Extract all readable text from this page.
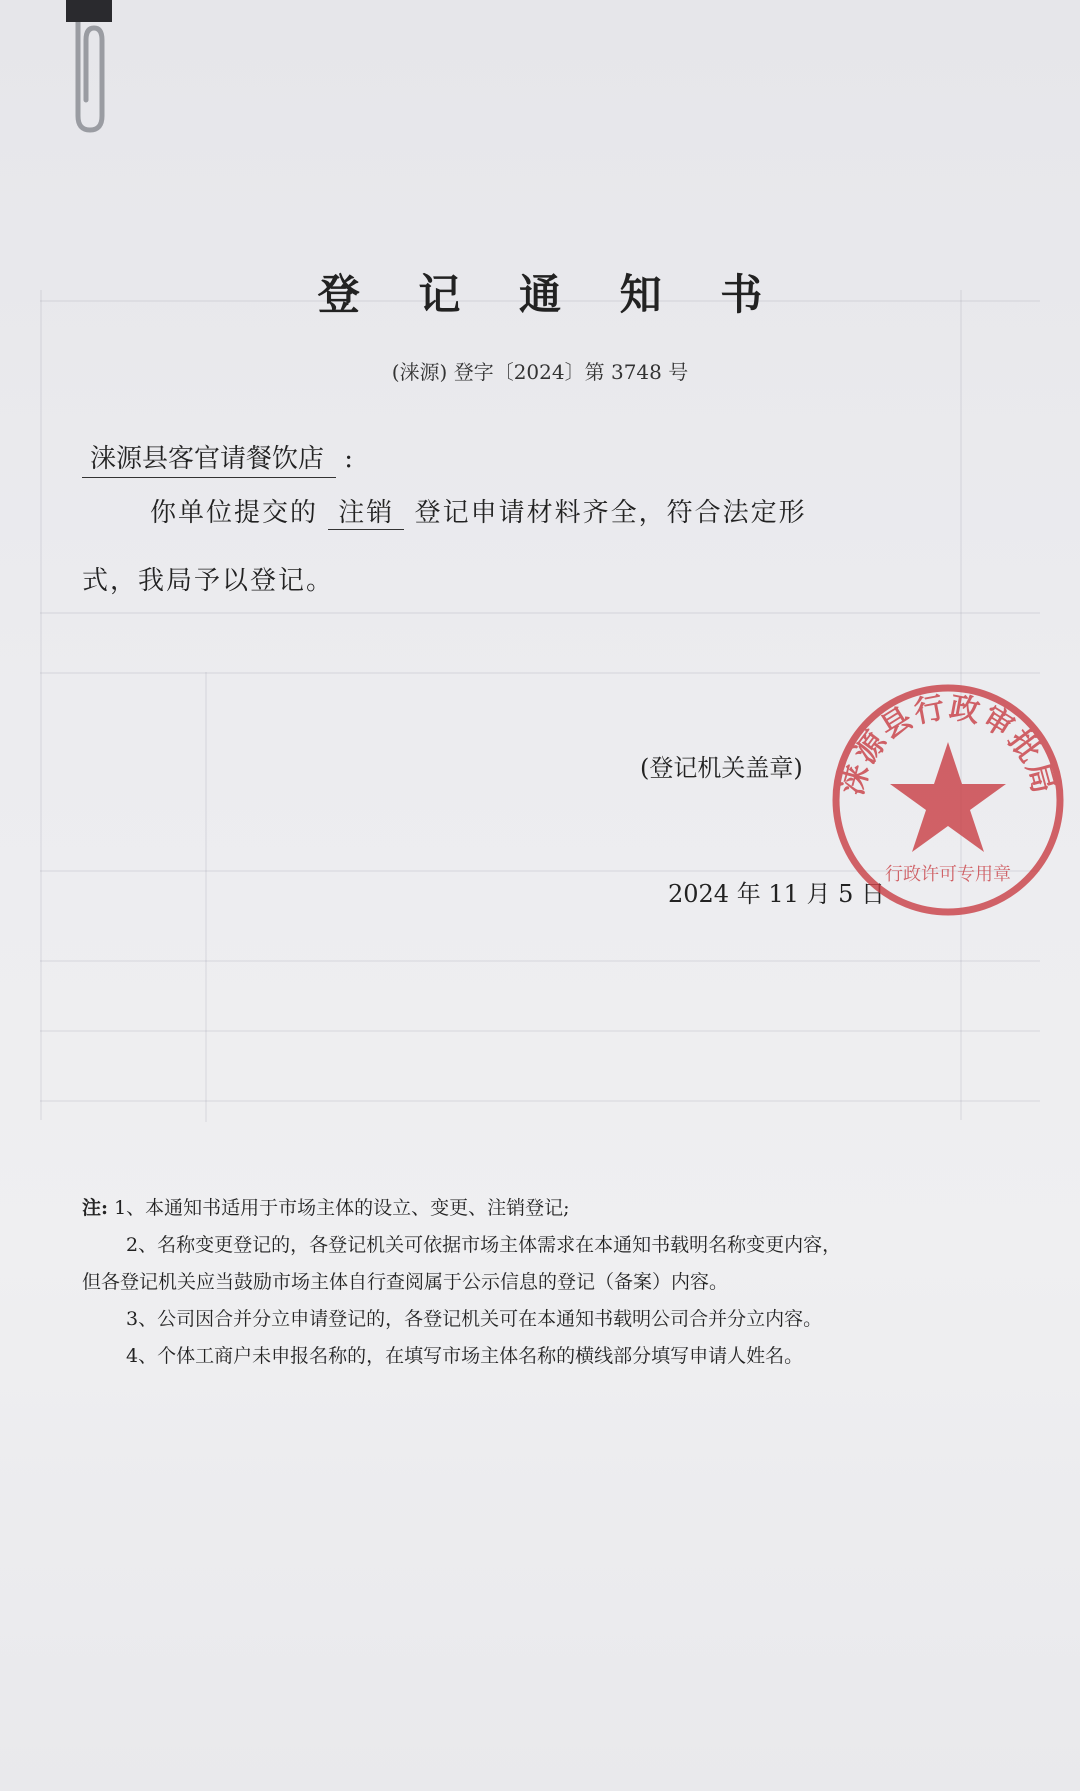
登 记 通 知 书
(涞源) 登字〔2024〕第 3748 号
涞源县客官请餐饮店 :
你单位提交的 注销 登记申请材料齐全，符合法定形
式，我局予以登记。
(登记机关盖章)
2024 年 11 月 5 日
涞源县行政审批局
行政许可专用章
注: 1、本通知书适用于市场主体的设立、变更、注销登记;
2、名称变更登记的，各登记机关可依据市场主体需求在本通知书载明名称变更内容，
但各登记机关应当鼓励市场主体自行查阅属于公示信息的登记（备案）内容。
3、公司因合并分立申请登记的，各登记机关可在本通知书载明公司合并分立内容。
4、个体工商户未申报名称的，在填写市场主体名称的横线部分填写申请人姓名。
